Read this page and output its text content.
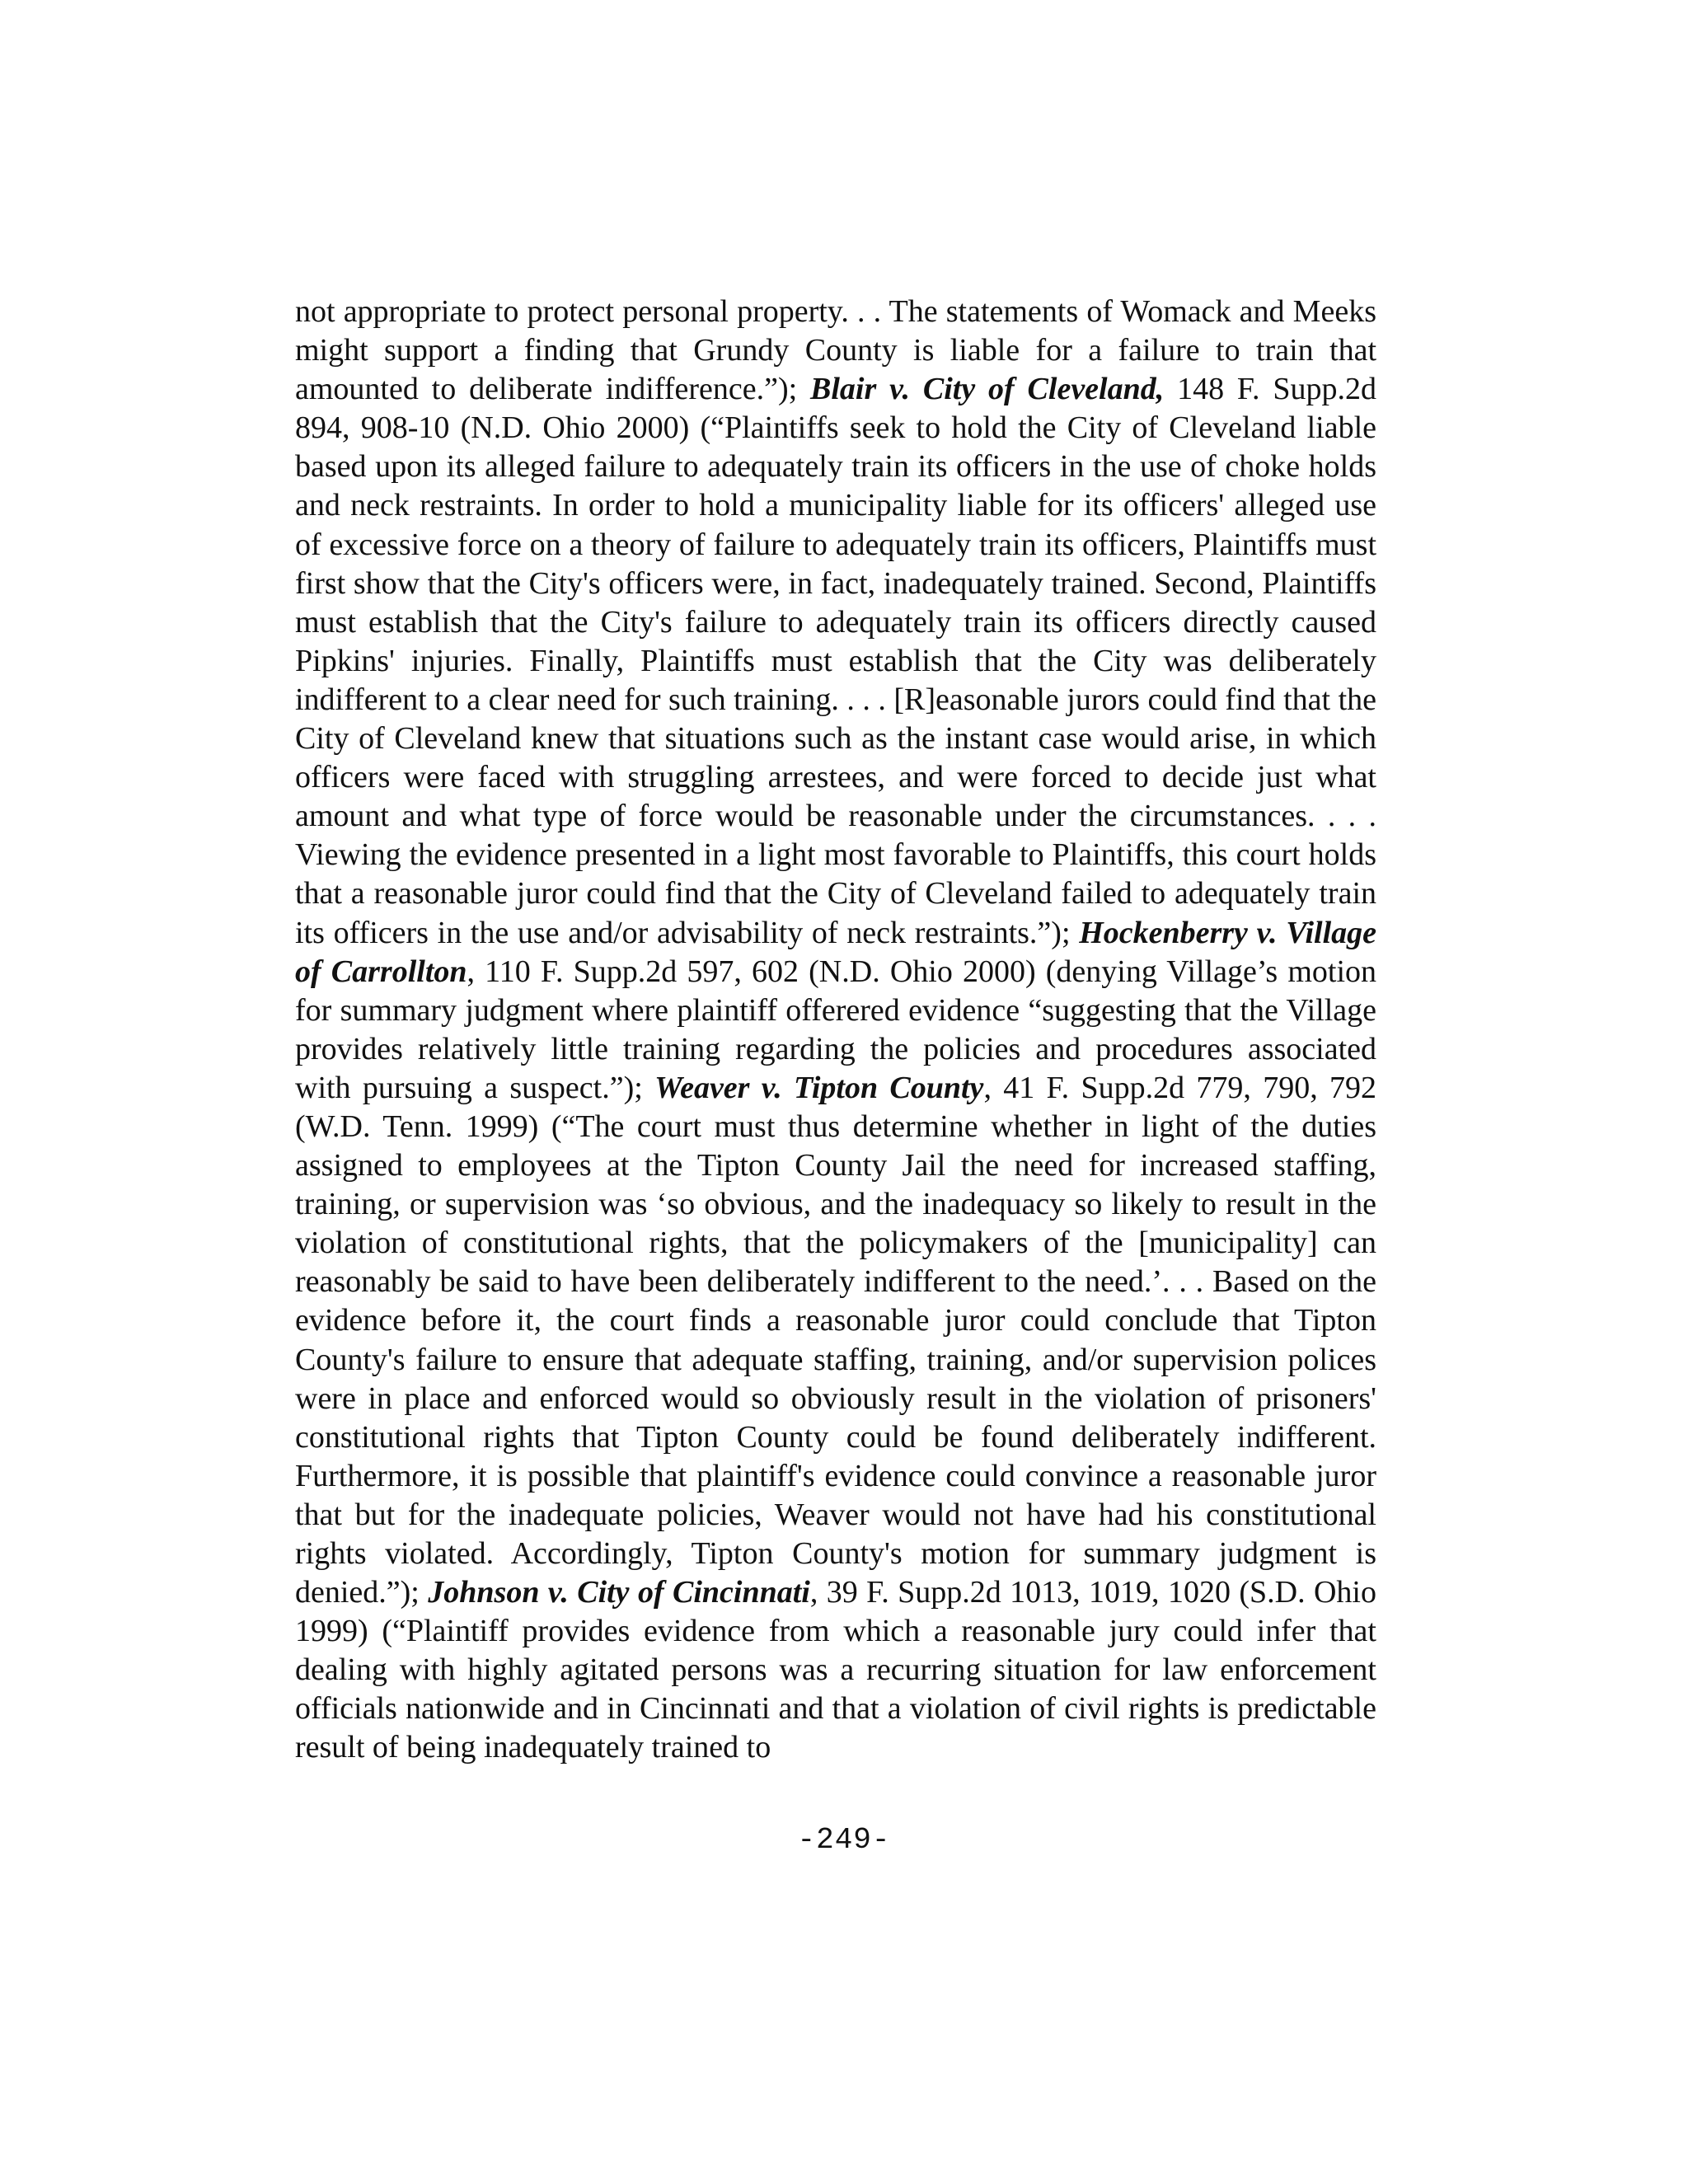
not appropriate to protect personal property. . . The statements of Womack and Meeks might support a finding that Grundy County is liable for a failure to train that amounted to deliberate indifference.”); Blair v. City of Cleveland, 148 F. Supp.2d 894, 908-10 (N.D. Ohio 2000) (“Plaintiffs seek to hold the City of Cleveland liable based upon its alleged failure to adequately train its officers in the use of choke holds and neck restraints. In order to hold a municipality liable for its officers' alleged use of excessive force on a theory of failure to adequately train its officers, Plaintiffs must first show that the City's officers were, in fact, inadequately trained. Second, Plaintiffs must establish that the City's failure to adequately train its officers directly caused Pipkins' injuries. Finally, Plaintiffs must establish that the City was deliberately indifferent to a clear need for such training. . . . [R]easonable jurors could find that the City of Cleveland knew that situations such as the instant case would arise, in which officers were faced with struggling arrestees, and were forced to decide just what amount and what type of force would be reasonable under the circumstances. . . . Viewing the evidence presented in a light most favorable to Plaintiffs, this court holds that a reasonable juror could find that the City of Cleveland failed to adequately train its officers in the use and/or advisability of neck restraints.”); Hockenberry v. Village of Carrollton, 110 F. Supp.2d 597, 602 (N.D. Ohio 2000) (denying Village’s motion for summary judgment where plaintiff offerered evidence “suggesting that the Village provides relatively little training regarding the policies and procedures associated with pursuing a suspect.”); Weaver v. Tipton County, 41 F. Supp.2d 779, 790, 792 (W.D. Tenn. 1999) (“The court must thus determine whether in light of the duties assigned to employees at the Tipton County Jail the need for increased staffing, training, or supervision was ‘so obvious, and the inadequacy so likely to result in the violation of constitutional rights, that the policymakers of the [municipality] can reasonably be said to have been deliberately indifferent to the need.’. . . Based on the evidence before it, the court finds a reasonable juror could conclude that Tipton County's failure to ensure that adequate staffing, training, and/or supervision polices were in place and enforced would so obviously result in the violation of prisoners' constitutional rights that Tipton County could be found deliberately indifferent. Furthermore, it is possible that plaintiff's evidence could convince a reasonable juror that but for the inadequate policies, Weaver would not have had his constitutional rights violated. Accordingly, Tipton County's motion for summary judgment is denied.”); Johnson v. City of Cincinnati, 39 F. Supp.2d 1013, 1019, 1020 (S.D. Ohio 1999) (“Plaintiff provides evidence from which a reasonable jury could infer that dealing with highly agitated persons was a recurring situation for law enforcement officials nationwide and in Cincinnati and that a violation of civil rights is predictable result of being inadequately trained to

-249-
